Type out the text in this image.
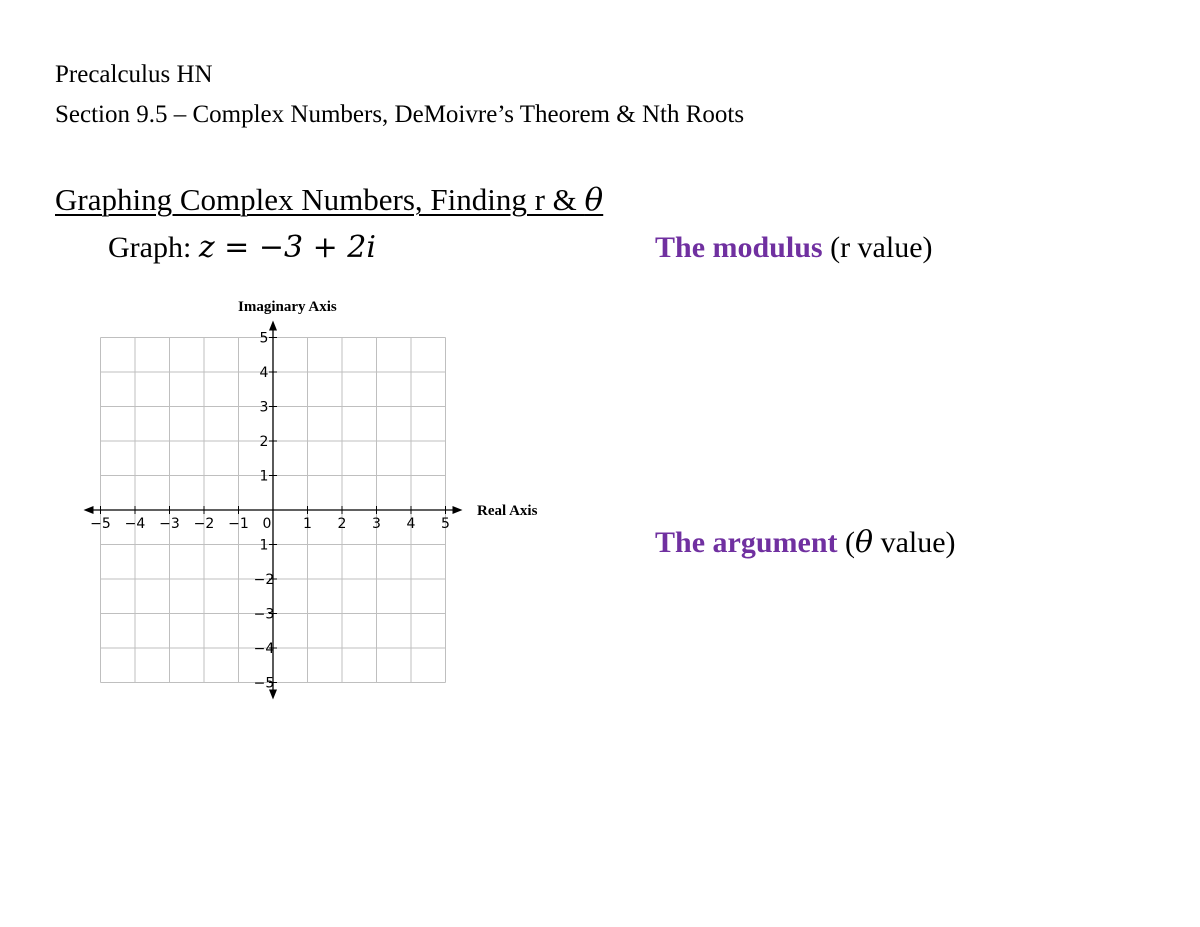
Precalculus HN
Section 9.5 – Complex Numbers, DeMoivre’s Theorem & Nth Roots
Graphing Complex Numbers, Finding r & θ
Graph: z = −3 + 2i	The modulus (r value)
The argument (θ value)
−5 −4 −3 −2 −1 0 1 2 3 4 5
−5
−4
−3
−2
1
1
2
3
4
5
Imaginary Axis
Real Axis
